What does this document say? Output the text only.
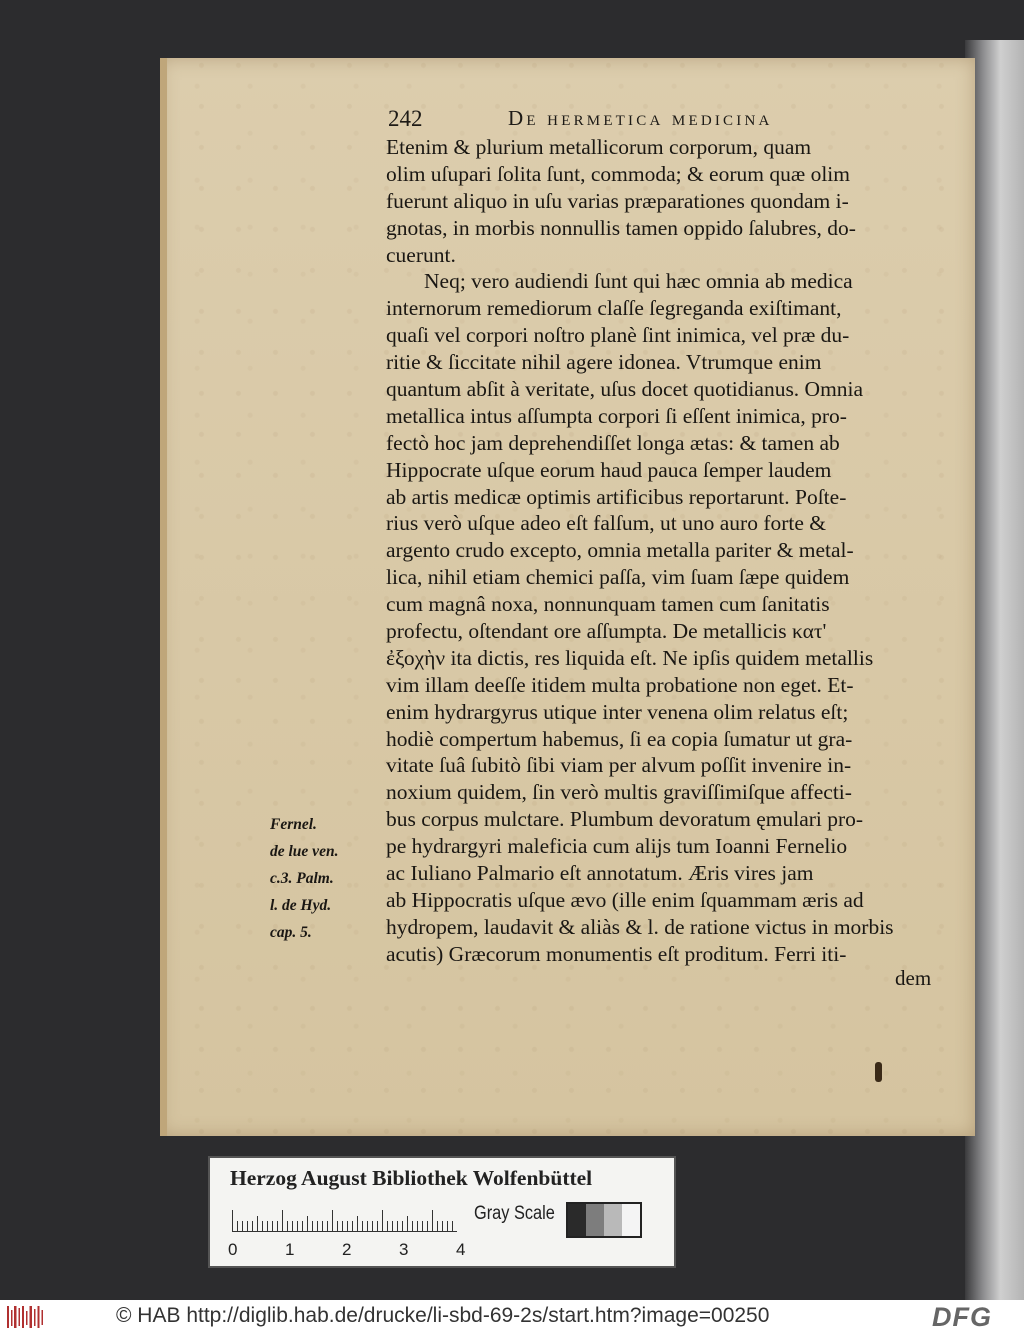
242	De hermetica medicina
Etenim & plurium metallicorum corporum, quam
olim uſupari ſolita ſunt, commoda; & eorum quæ olim
fuerunt aliquo in uſu varias præparationes quondam i-
gnotas, in morbis nonnullis tamen oppido ſalubres, do-
cuerunt.
Neq; vero audiendi ſunt qui hæc omnia ab medica
internorum remediorum claſſe ſegreganda exiſtimant,
quaſi vel corpori noſtro planè ſint inimica, vel præ du-
ritie & ſiccitate nihil agere idonea. Vtrumque enim
quantum abſit à veritate, uſus docet quotidianus. Omnia
metallica intus aſſumpta corpori ſi eſſent inimica, pro-
fectò hoc jam deprehendiſſet longa ætas: & tamen ab
Hippocrate uſque eorum haud pauca ſemper laudem
ab artis medicæ optimis artificibus reportarunt. Poſte-
rius verò uſque adeo eſt falſum, ut uno auro forte &
argento crudo excepto, omnia metalla pariter & metal-
lica, nihil etiam chemici paſſa, vim ſuam ſæpe quidem
cum magnâ noxa, nonnunquam tamen cum ſanitatis
profectu, oſtendant ore aſſumpta. De metallicis κατ'
ἐξοχὴν ita dictis, res liquida eſt. Ne ipſis quidem metallis
vim illam deeſſe itidem multa probatione non eget. Et-
enim hydrargyrus utique inter venena olim relatus eſt;
hodiè compertum habemus, ſi ea copia ſumatur ut gra-
vitate ſuâ ſubitò ſibi viam per alvum poſſit invenire in-
noxium quidem, ſin verò multis graviſſimiſque affecti-
bus corpus mulctare. Plumbum devoratum ęmulari pro-
pe hydrargyri maleficia cum alijs tum Ioanni Fernelio
ac Iuliano Palmario eſt annotatum. Æris vires jam
ab Hippocratis uſque ævo (ille enim ſquammam æris ad
hydropem, laudavit & aliàs & l. de ratione victus in morbis
acutis) Græcorum monumentis eſt proditum. Ferri iti-
Fernel.
de lue ven.
c.3. Palm.
l. de Hyd.
cap. 5.
dem
Herzog August Bibliothek Wolfenbüttel
0	1	2	3	4
Gray Scale
© HAB http://diglib.hab.de/drucke/li-sbd-69-2s/start.htm?image=00250	DFG
